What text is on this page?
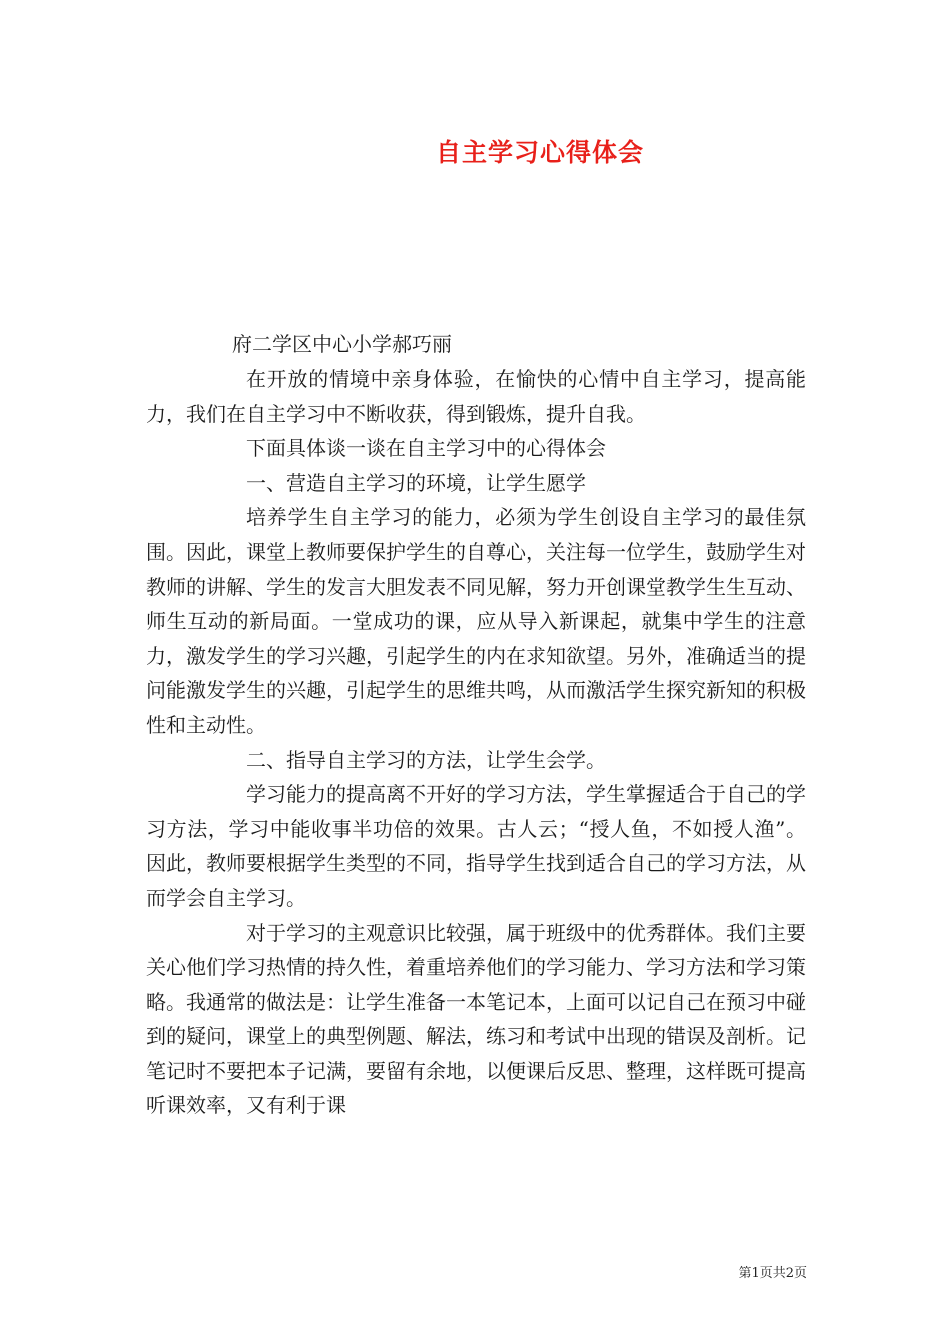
自主学习心得体会
府二学区中心小学郝巧丽

在开放的情境中亲身体验，在愉快的心情中自主学习，提高能力，我们在自主学习中不断收获，得到锻炼，提升自我。

下面具体谈一谈在自主学习中的心得体会

一、营造自主学习的环境，让学生愿学

培养学生自主学习的能力，必须为学生创设自主学习的最佳氛围。因此，课堂上教师要保护学生的自尊心，关注每一位学生，鼓励学生对教师的讲解、学生的发言大胆发表不同见解，努力开创课堂教学生生互动、师生互动的新局面。一堂成功的课，应从导入新课起，就集中学生的注意力，激发学生的学习兴趣，引起学生的内在求知欲望。另外，准确适当的提问能激发学生的兴趣，引起学生的思维共鸣，从而激活学生探究新知的积极性和主动性。

二、指导自主学习的方法，让学生会学。

学习能力的提高离不开好的学习方法，学生掌握适合于自己的学习方法，学习中能收事半功倍的效果。古人云；“授人鱼，不如授人渔”。因此，教师要根据学生类型的不同，指导学生找到适合自己的学习方法，从而学会自主学习。

对于学习的主观意识比较强，属于班级中的优秀群体。我们主要关心他们学习热情的持久性，着重培养他们的学习能力、学习方法和学习策略。我通常的做法是：让学生准备一本笔记本，上面可以记自己在预习中碰到的疑问，课堂上的典型例题、解法，练习和考试中出现的错误及剖析。记笔记时不要把本子记满，要留有余地，以便课后反思、整理，这样既可提高听课效率，又有利于课

第1页共2页
